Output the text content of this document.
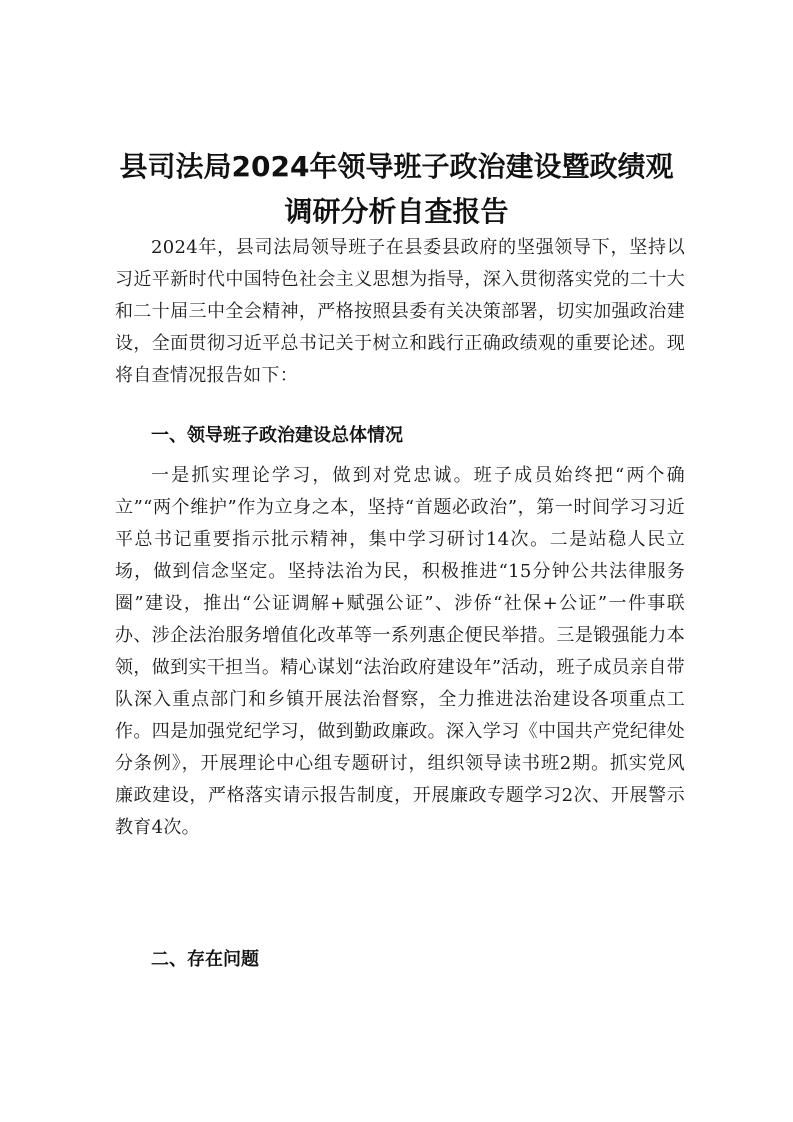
县司法局2024年领导班子政治建设暨政绩观
调研分析自查报告

2024年，县司法局领导班子在县委县政府的坚强领导下，坚持以习近平新时代中国特色社会主义思想为指导，深入贯彻落实党的二十大和二十届三中全会精神，严格按照县委有关决策部署，切实加强政治建设，全面贯彻习近平总书记关于树立和践行正确政绩观的重要论述。现将自查情况报告如下：

一、领导班子政治建设总体情况

一是抓实理论学习，做到对党忠诚。班子成员始终把“两个确立”“两个维护”作为立身之本，坚持“首题必政治”，第一时间学习习近平总书记重要指示批示精神，集中学习研讨14次。二是站稳人民立场，做到信念坚定。坚持法治为民，积极推进“15分钟公共法律服务圈”建设，推出“公证调解+赋强公证”、涉侨“社保+公证”一件事联办、涉企法治服务增值化改革等一系列惠企便民举措。三是锻强能力本领，做到实干担当。精心谋划“法治政府建设年”活动，班子成员亲自带队深入重点部门和乡镇开展法治督察，全力推进法治建设各项重点工作。四是加强党纪学习，做到勤政廉政。深入学习《中国共产党纪律处分条例》，开展理论中心组专题研讨，组织领导读书班2期。抓实党风廉政建设，严格落实请示报告制度，开展廉政专题学习2次、开展警示教育4次。

二、存在问题
